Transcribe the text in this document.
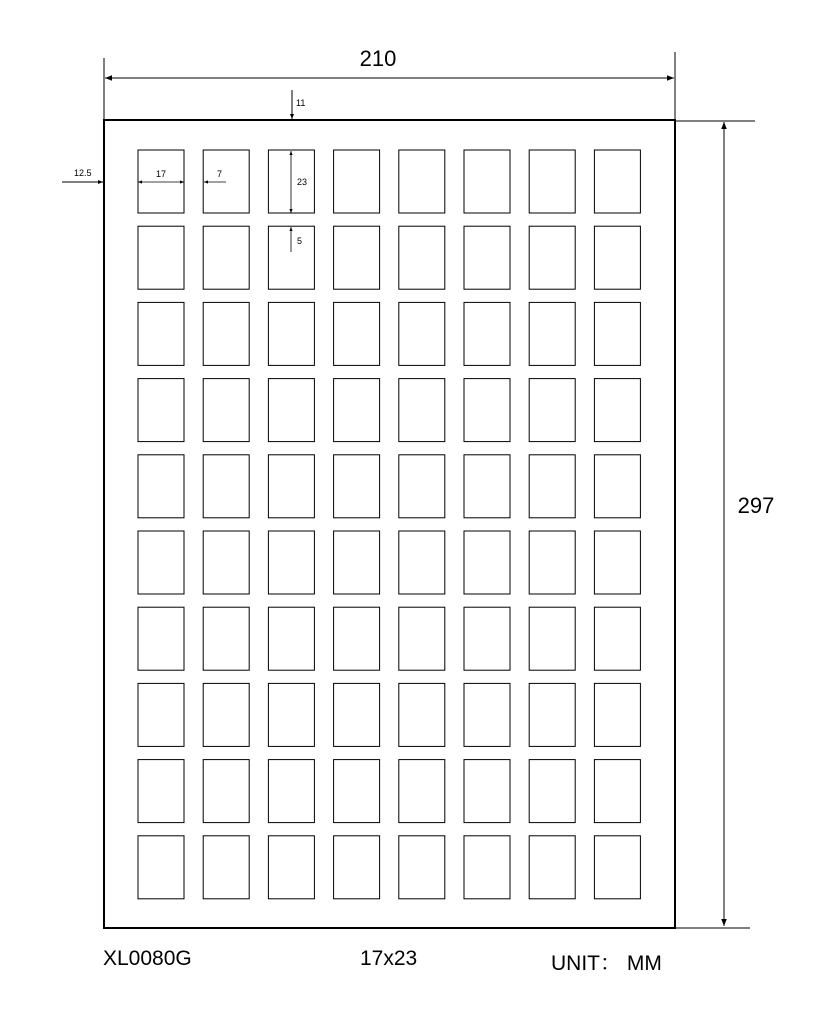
210
297
11
12.5	17	7
23
5
XL0080G	17x23	UNIT： MM
